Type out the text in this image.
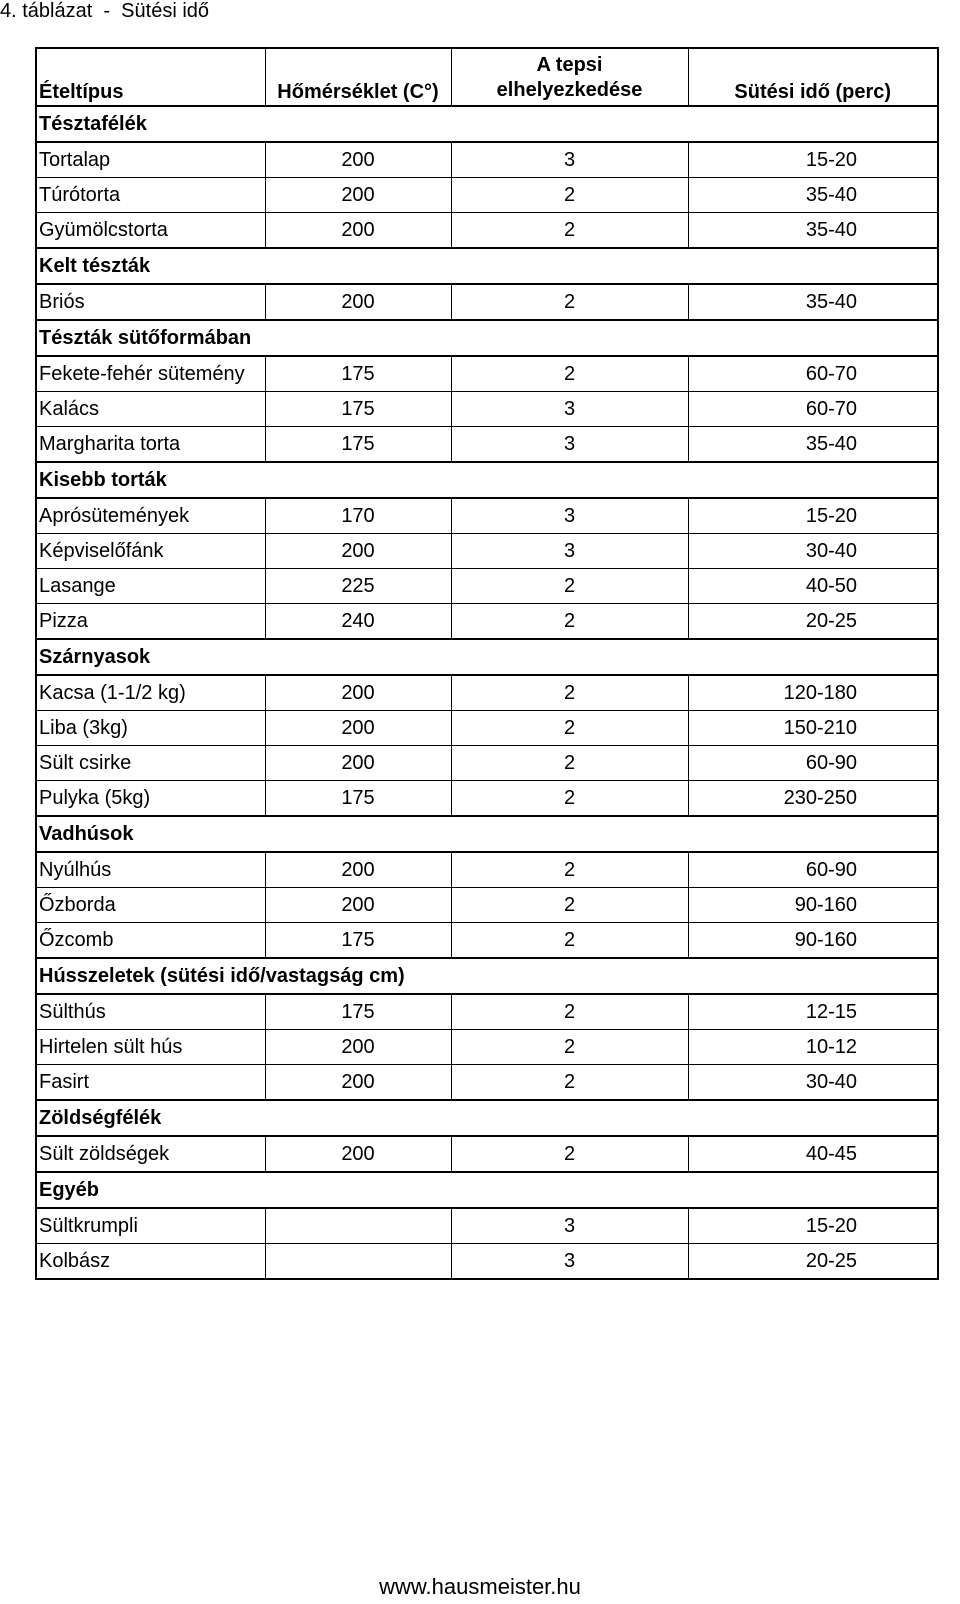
4. táblázat  -  Sütési idő
Ételtípus	Hőmérséklet (C°)	A tepsi elhelyezkedése	Sütési idő (perc)
Tésztafélék			
Tortalap	200	3	15-20
Túrótorta	200	2	35-40
Gyümölcstorta	200	2	35-40
Kelt tészták			
Briós	200	2	35-40
Tészták sütőformában			
Fekete-fehér sütemény	175	2	60-70
Kalács	175	3	60-70
Margharita torta	175	3	35-40
Kisebb torták			
Aprósütemények	170	3	15-20
Képviselőfánk	200	3	30-40
Lasange	225	2	40-50
Pizza	240	2	20-25
Szárnyasok			
Kacsa (1-1/2 kg)	200	2	120-180
Liba (3kg)	200	2	150-210
Sült csirke	200	2	60-90
Pulyka (5kg)	175	2	230-250
Vadhúsok			
Nyúlhús	200	2	60-90
Őzborda	200	2	90-160
Őzcomb	175	2	90-160
Hússzeletek (sütési idő/vastagság cm)			
Sülthús	175	2	12-15
Hirtelen sült hús	200	2	10-12
Fasirt	200	2	30-40
Zöldségfélék			
Sült zöldségek	200	2	40-45
Egyéb			
Sültkrumpli		3	15-20
Kolbász		3	20-25
www.hausmeister.hu
